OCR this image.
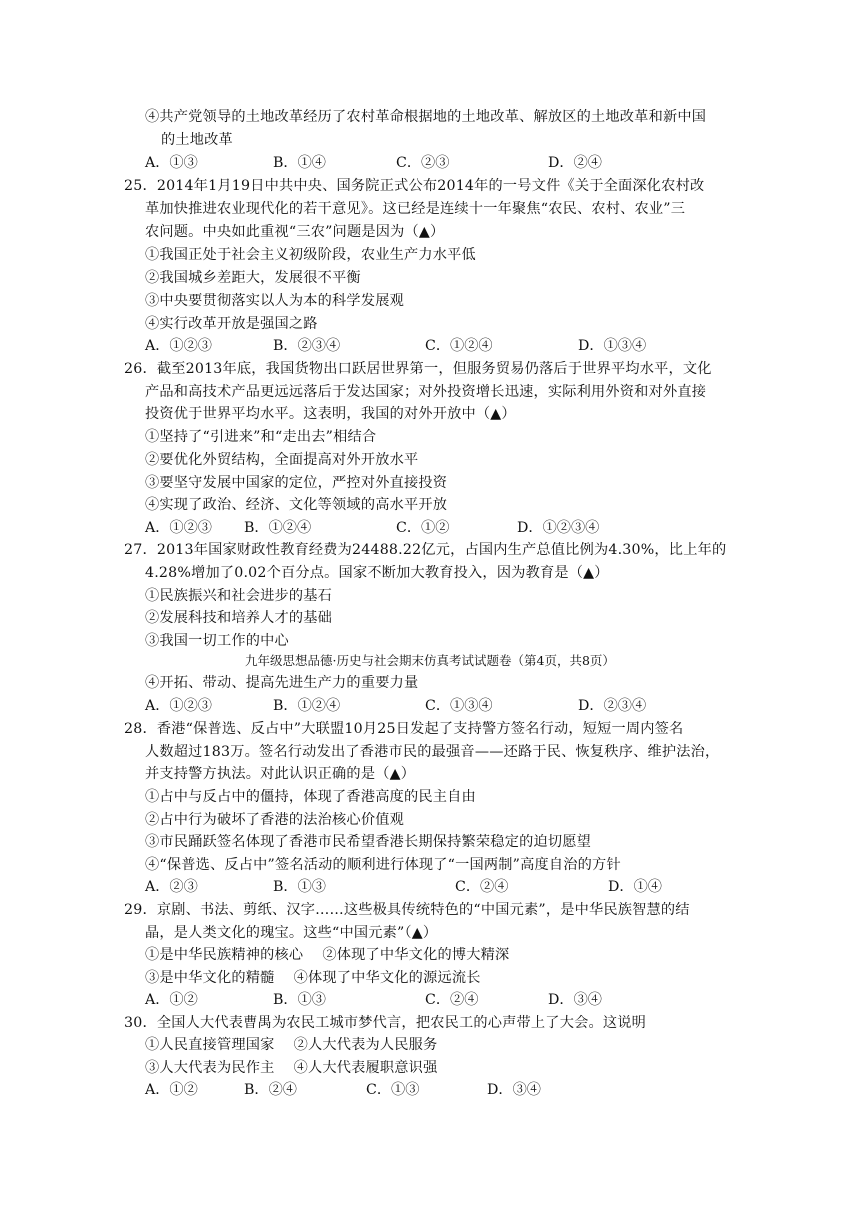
④共产党领导的土地改革经历了农村革命根据地的土地改革、解放区的土地改革和新中国
的土地改革
A．①③	B．①④	C．②③	D．②④
25．2014年1月19日中共中央、国务院正式公布2014年的一号文件《关于全面深化农村改
革加快推进农业现代化的若干意见》。这已经是连续十一年聚焦“农民、农村、农业”三
农问题。中央如此重视“三农”问题是因为（▲）
①我国正处于社会主义初级阶段，农业生产力水平低
②我国城乡差距大，发展很不平衡
③中央要贯彻落实以人为本的科学发展观
④实行改革开放是强国之路
A．①②③	B．②③④	C．①②④	D．①③④
26．截至2013年底，我国货物出口跃居世界第一，但服务贸易仍落后于世界平均水平，文化
产品和高技术产品更远远落后于发达国家；对外投资增长迅速，实际利用外资和对外直接
投资优于世界平均水平。这表明，我国的对外开放中（▲）
①坚持了“引进来”和“走出去”相结合
②要优化外贸结构，全面提高对外开放水平
③要坚守发展中国家的定位，严控对外直接投资
④实现了政治、经济、文化等领域的高水平开放
A．①②③ B．①②④	C．①②	D．①②③④
27．2013年国家财政性教育经费为24488.22亿元，占国内生产总值比例为4.30%，比上年的
4.28%增加了0.02个百分点。国家不断加大教育投入，因为教育是（▲）
①民族振兴和社会进步的基石
②发展科技和培养人才的基础
③我国一切工作的中心
九年级思想品德·历史与社会期末仿真考试试题卷（第4页，共8页）
④开拓、带动、提高先进生产力的重要力量
A．①②③	B．①②④	C．①③④	D．②③④
28．香港“保普选、反占中”大联盟10月25日发起了支持警方签名行动，短短一周内签名
人数超过183万。签名行动发出了香港市民的最强音——还路于民、恢复秩序、维护法治，
并支持警方执法。对此认识正确的是（▲）
①占中与反占中的僵持，体现了香港高度的民主自由
②占中行为破坏了香港的法治核心价值观
③市民踊跃签名体现了香港市民希望香港长期保持繁荣稳定的迫切愿望
④“保普选、反占中”签名活动的顺利进行体现了“一国两制”高度自治的方针
A．②③	B．①③	C．②④	D．①④
29．京剧、书法、剪纸、汉字……这些极具传统特色的“中国元素”，是中华民族智慧的结
晶，是人类文化的瑰宝。这些“中国元素”（▲）
①是中华民族精神的核心　 ②体现了中华文化的博大精深
③是中华文化的精髓　 ④体现了中华文化的源远流长
A．①②	B．①③	C．②④	D．③④
30．全国人大代表曹禺为农民工城市梦代言，把农民工的心声带上了大会。这说明
①人民直接管理国家　 ②人大代表为人民服务
③人大代表为民作主　 ④人大代表履职意识强
A．①②	B．②④	C．①③	D．③④
